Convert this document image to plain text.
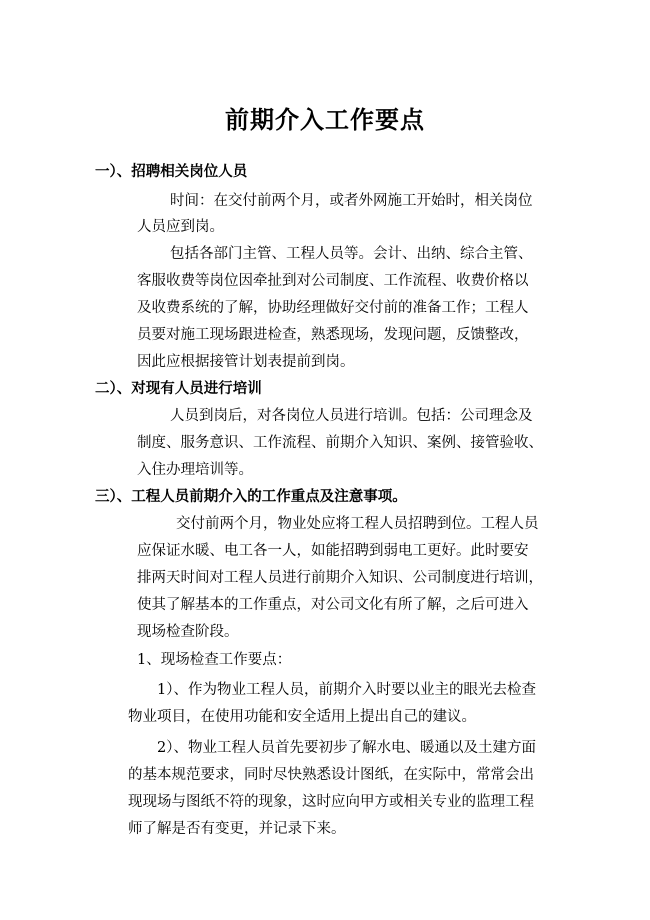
前期介入工作要点
一）、招聘相关岗位人员
时间：在交付前两个月，或者外网施工开始时，相关岗位
人员应到岗。
包括各部门主管、工程人员等。会计、出纳、综合主管、
客服收费等岗位因牵扯到对公司制度、工作流程、收费价格以
及收费系统的了解，协助经理做好交付前的准备工作；工程人
员要对施工现场跟进检查，熟悉现场，发现问题，反馈整改，
因此应根据接管计划表提前到岗。
二）、对现有人员进行培训
人员到岗后，对各岗位人员进行培训。包括：公司理念及
制度、服务意识、工作流程、前期介入知识、案例、接管验收、
入住办理培训等。
三）、工程人员前期介入的工作重点及注意事项。
交付前两个月，物业处应将工程人员招聘到位。工程人员
应保证水暖、电工各一人，如能招聘到弱电工更好。此时要安
排两天时间对工程人员进行前期介入知识、公司制度进行培训，
使其了解基本的工作重点，对公司文化有所了解，之后可进入
现场检查阶段。
1、现场检查工作要点：
1）、作为物业工程人员，前期介入时要以业主的眼光去检查
物业项目，在使用功能和安全适用上提出自己的建议。
2）、物业工程人员首先要初步了解水电、暖通以及土建方面
的基本规范要求，同时尽快熟悉设计图纸，在实际中，常常会出
现现场与图纸不符的现象，这时应向甲方或相关专业的监理工程
师了解是否有变更，并记录下来。
